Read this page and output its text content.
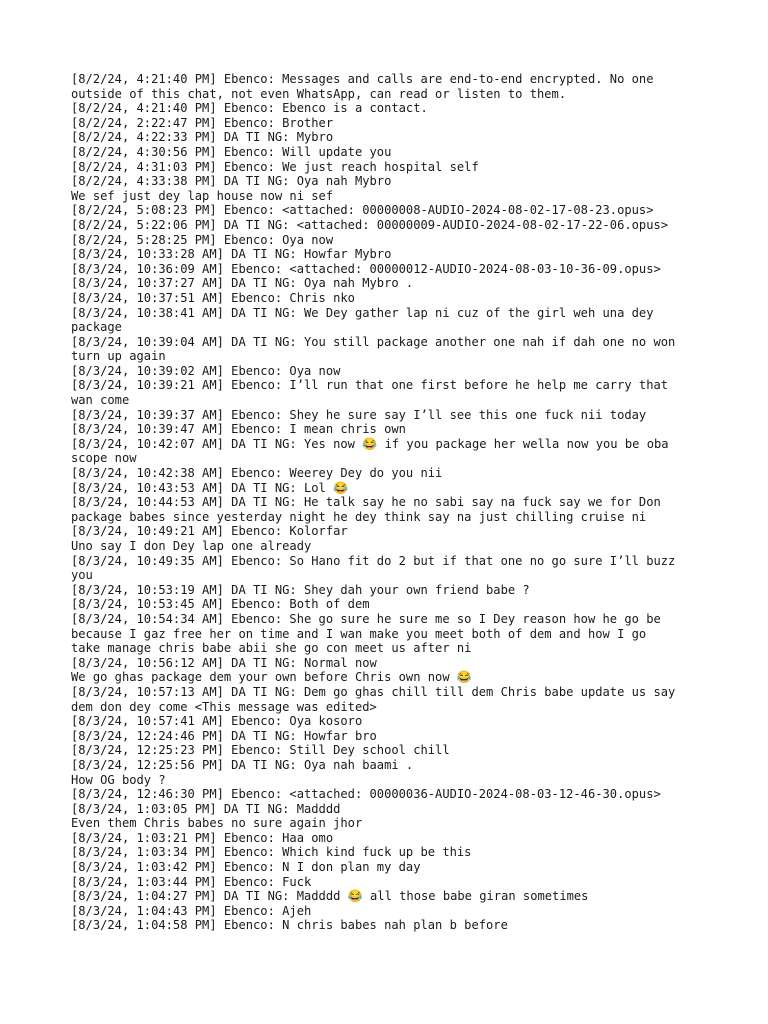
[8/2/24, 4:21:40 PM] Ebenco: Messages and calls are end-to-end encrypted. No one
outside of this chat, not even WhatsApp, can read or listen to them.
[8/2/24, 4:21:40 PM] Ebenco: Ebenco is a contact.
[8/2/24, 2:22:47 PM] Ebenco: Brother
[8/2/24, 4:22:33 PM] DA TI NG: Mybro
[8/2/24, 4:30:56 PM] Ebenco: Will update you
[8/2/24, 4:31:03 PM] Ebenco: We just reach hospital self
[8/2/24, 4:33:38 PM] DA TI NG: Oya nah Mybro
We sef just dey lap house now ni sef
[8/2/24, 5:08:23 PM] Ebenco: <attached: 00000008-AUDIO-2024-08-02-17-08-23.opus>
[8/2/24, 5:22:06 PM] DA TI NG: <attached: 00000009-AUDIO-2024-08-02-17-22-06.opus>
[8/2/24, 5:28:25 PM] Ebenco: Oya now
[8/3/24, 10:33:28 AM] DA TI NG: Howfar Mybro
[8/3/24, 10:36:09 AM] Ebenco: <attached: 00000012-AUDIO-2024-08-03-10-36-09.opus>
[8/3/24, 10:37:27 AM] DA TI NG: Oya nah Mybro .
[8/3/24, 10:37:51 AM] Ebenco: Chris nko
[8/3/24, 10:38:41 AM] DA TI NG: We Dey gather lap ni cuz of the girl weh una dey
package
[8/3/24, 10:39:04 AM] DA TI NG: You still package another one nah if dah one no won
turn up again
[8/3/24, 10:39:02 AM] Ebenco: Oya now
[8/3/24, 10:39:21 AM] Ebenco: I’ll run that one first before he help me carry that
wan come
[8/3/24, 10:39:37 AM] Ebenco: Shey he sure say I’ll see this one fuck nii today
[8/3/24, 10:39:47 AM] Ebenco: I mean chris own
[8/3/24, 10:42:07 AM] DA TI NG: Yes now 😂 if you package her wella now you be oba
scope now
[8/3/24, 10:42:38 AM] Ebenco: Weerey Dey do you nii
[8/3/24, 10:43:53 AM] DA TI NG: Lol 😂
[8/3/24, 10:44:53 AM] DA TI NG: He talk say he no sabi say na fuck say we for Don
package babes since yesterday night he dey think say na just chilling cruise ni
[8/3/24, 10:49:21 AM] Ebenco: Kolorfar
Uno say I don Dey lap one already
[8/3/24, 10:49:35 AM] Ebenco: So Hano fit do 2 but if that one no go sure I’ll buzz
you
[8/3/24, 10:53:19 AM] DA TI NG: Shey dah your own friend babe ?
[8/3/24, 10:53:45 AM] Ebenco: Both of dem
[8/3/24, 10:54:34 AM] Ebenco: She go sure he sure me so I Dey reason how he go be
because I gaz free her on time and I wan make you meet both of dem and how I go
take manage chris babe abii she go con meet us after ni
[8/3/24, 10:56:12 AM] DA TI NG: Normal now
We go ghas package dem your own before Chris own now 😂
[8/3/24, 10:57:13 AM] DA TI NG: Dem go ghas chill till dem Chris babe update us say
dem don dey come <This message was edited>
[8/3/24, 10:57:41 AM] Ebenco: Oya kosoro
[8/3/24, 12:24:46 PM] DA TI NG: Howfar bro
[8/3/24, 12:25:23 PM] Ebenco: Still Dey school chill
[8/3/24, 12:25:56 PM] DA TI NG: Oya nah baami .
How OG body ?
[8/3/24, 12:46:30 PM] Ebenco: <attached: 00000036-AUDIO-2024-08-03-12-46-30.opus>
[8/3/24, 1:03:05 PM] DA TI NG: Madddd
Even them Chris babes no sure again jhor
[8/3/24, 1:03:21 PM] Ebenco: Haa omo
[8/3/24, 1:03:34 PM] Ebenco: Which kind fuck up be this
[8/3/24, 1:03:42 PM] Ebenco: N I don plan my day
[8/3/24, 1:03:44 PM] Ebenco: Fuck
[8/3/24, 1:04:27 PM] DA TI NG: Madddd 😂 all those babe giran sometimes
[8/3/24, 1:04:43 PM] Ebenco: Ajeh
[8/3/24, 1:04:58 PM] Ebenco: N chris babes nah plan b before
